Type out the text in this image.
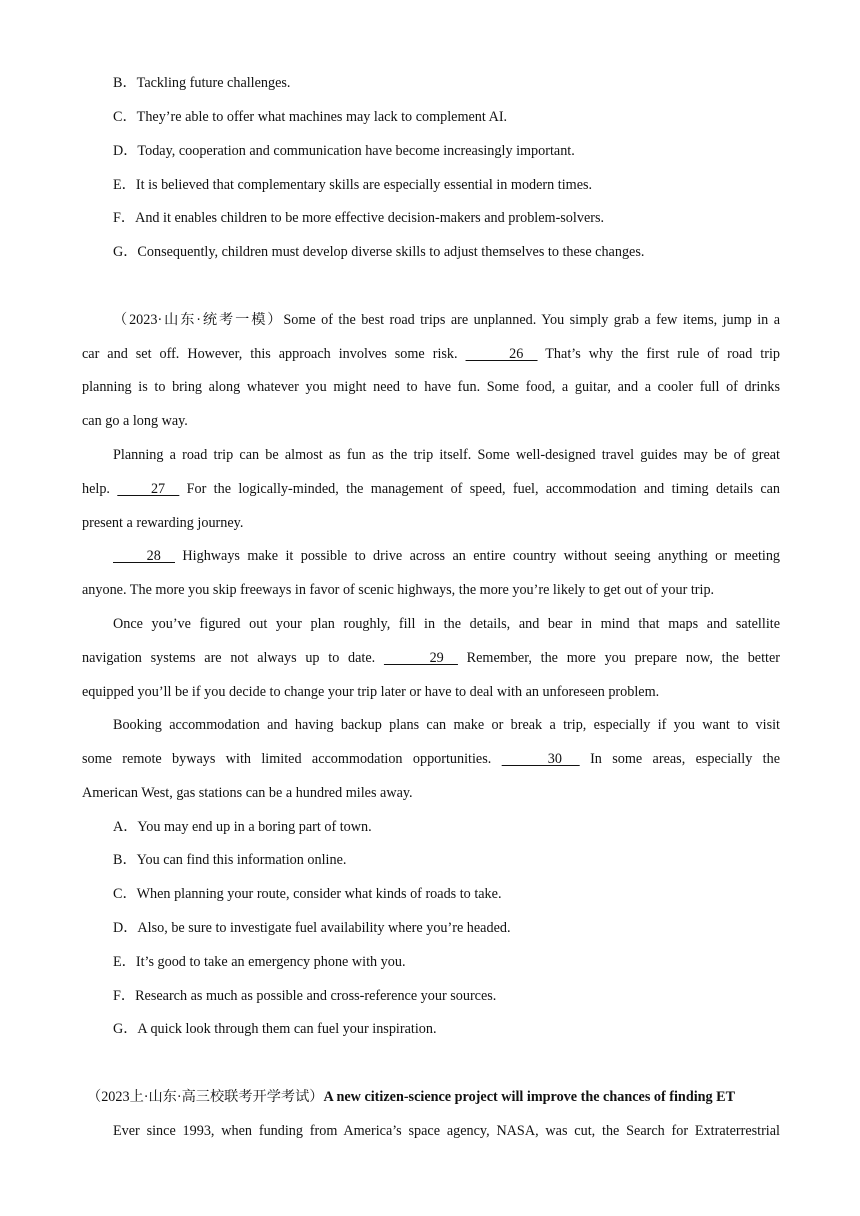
B．Tackling future challenges.
C．They’re able to offer what machines may lack to complement AI.
D．Today, cooperation and communication have become increasingly important.
E．It is believed that complementary skills are especially essential in modern times.
F．And it enables children to be more effective decision-makers and problem-solvers.
G．Consequently, children must develop diverse skills to adjust themselves to these changes.
（2023·山东·统考一模）Some of the best road trips are unplanned. You simply grab a few items, jump in a
car and set off. However, this approach involves some risk.     26     That’s why the first rule of road trip
planning is to bring along whatever you might need to have fun. Some food, a guitar, and a cooler full of drinks
can go a long way.
Planning a road trip can be almost as fun as the trip itself. Some well-designed travel guides may be of great
help.     27     For the logically-minded, the management of speed, fuel, accommodation and timing details can
present a rewarding journey.
28     Highways make it possible to drive across an entire country without seeing anything or meeting
anyone. The more you skip freeways in favor of scenic highways, the more you’re likely to get out of your trip.
Once you’ve figured out your plan roughly, fill in the details, and bear in mind that maps and satellite
navigation systems are not always up to date.     29     Remember, the more you prepare now, the better
equipped you’ll be if you decide to change your trip later or have to deal with an unforeseen problem.
Booking accommodation and having backup plans can make or break a trip, especially if you want to visit
some remote byways with limited accommodation opportunities.     30      In some areas, especially the
American West, gas stations can be a hundred miles away.
A．You may end up in a boring part of town.
B．You can find this information online.
C．When planning your route, consider what kinds of roads to take.
D．Also, be sure to investigate fuel availability where you’re headed.
E．It’s good to take an emergency phone with you.
F．Research as much as possible and cross-reference your sources.
G．A quick look through them can fuel your inspiration.
（2023上·山东·高三校联考开学考试）A new citizen-science project will improve the chances of finding ET
Ever since 1993, when funding from America’s space agency, NASA, was cut, the Search for Extraterrestrial
